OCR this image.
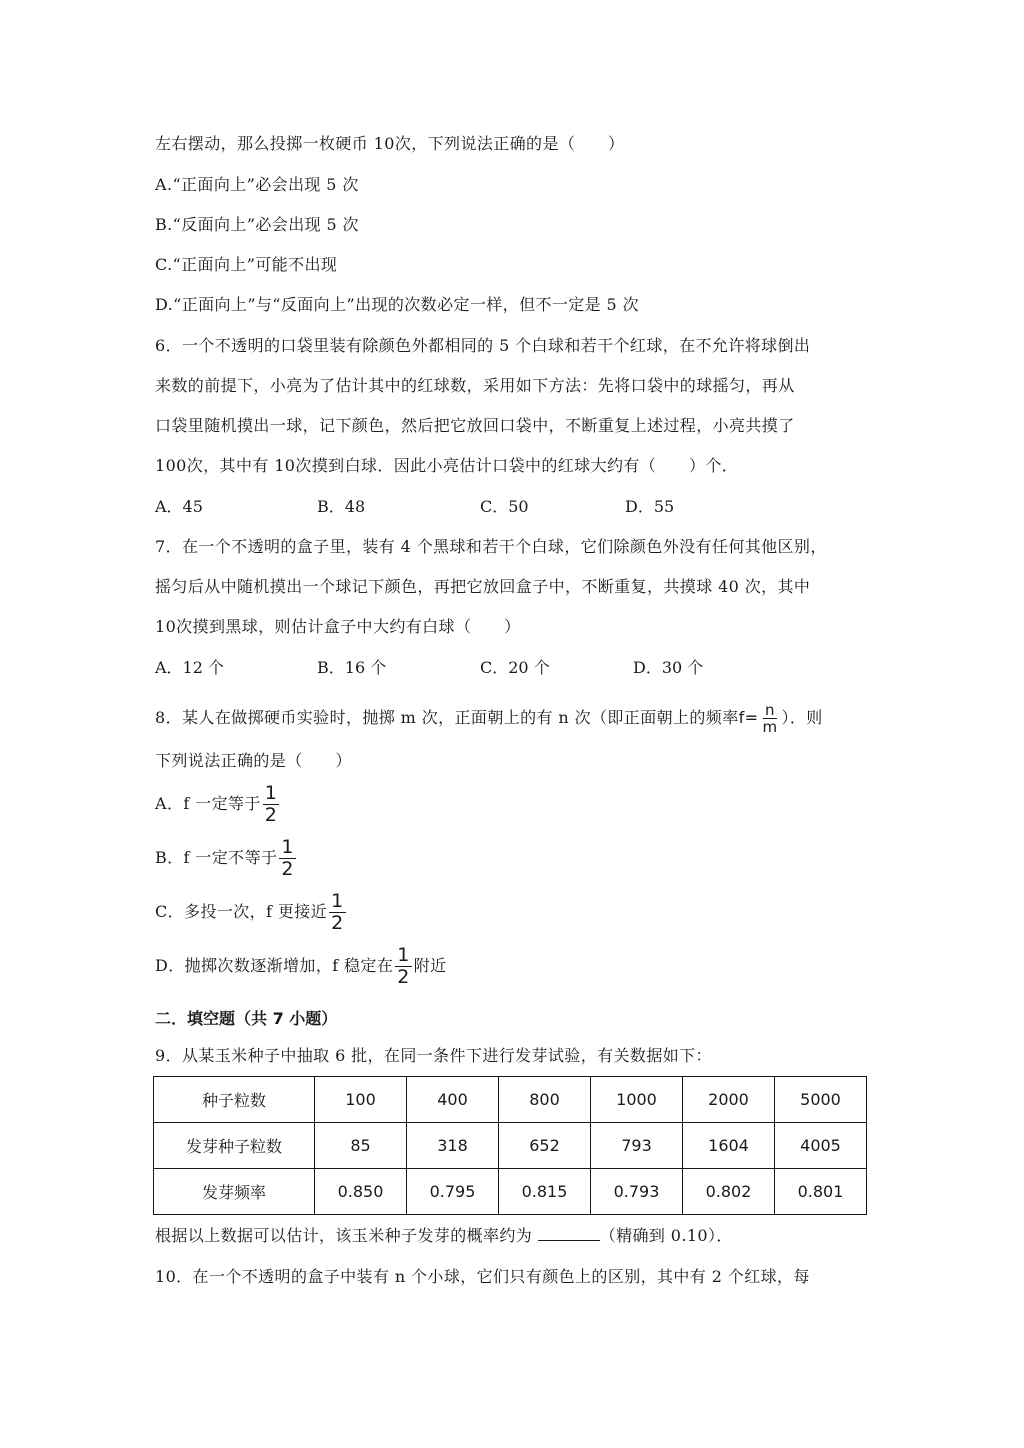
左右摆动，那么投掷一枚硬币 10次，下列说法正确的是（　　）
A.“正面向上”必会出现 5 次
B.“反面向上”必会出现 5 次
C.“正面向上”可能不出现
D.“正面向上”与“反面向上”出现的次数必定一样，但不一定是 5 次
6．一个不透明的口袋里装有除颜色外都相同的 5 个白球和若干个红球，在不允许将球倒出
来数的前提下，小亮为了估计其中的红球数，采用如下方法：先将口袋中的球摇匀，再从
口袋里随机摸出一球，记下颜色，然后把它放回口袋中，不断重复上述过程，小亮共摸了
100次，其中有 10次摸到白球．因此小亮估计口袋中的红球大约有（　　）个．
A．45	B．48	C．50	D．55
7．在一个不透明的盒子里，装有 4 个黑球和若干个白球，它们除颜色外没有任何其他区别，
摇匀后从中随机摸出一个球记下颜色，再把它放回盒子中，不断重复，共摸球 40 次，其中
10次摸到黑球，则估计盒子中大约有白球（　　）
A．12 个	B．16 个	C．20 个	D．30 个
8．某人在做掷硬币实验时，抛掷 m 次，正面朝上的有 n 次（即正面朝上的频率$f= \frac{n}{m}$ ）．则
下列说法正确的是（　　）
A．f 一定等于 $\frac{1}{2}$
B．f 一定不等于 $\frac{1}{2}$
C．多投一次，f 更接近 $\frac{1}{2}$
D．抛掷次数逐渐增加，f 稳定在 $\frac{1}{2}$ 附近
二．填空题（共 7 小题）
9．从某玉米种子中抽取 6 批，在同一条件下进行发芽试验，有关数据如下：
种子粒数	100	400	800	1000	2000	5000
发芽种子粒数	85	318	652	793	1604	4005
发芽频率	0.850	0.795	0.815	0.793	0.802	0.801
根据以上数据可以估计，该玉米种子发芽的概率约为	（精确到 0.10）．
10．在一个不透明的盒子中装有 n 个小球，它们只有颜色上的区别，其中有 2 个红球，每
